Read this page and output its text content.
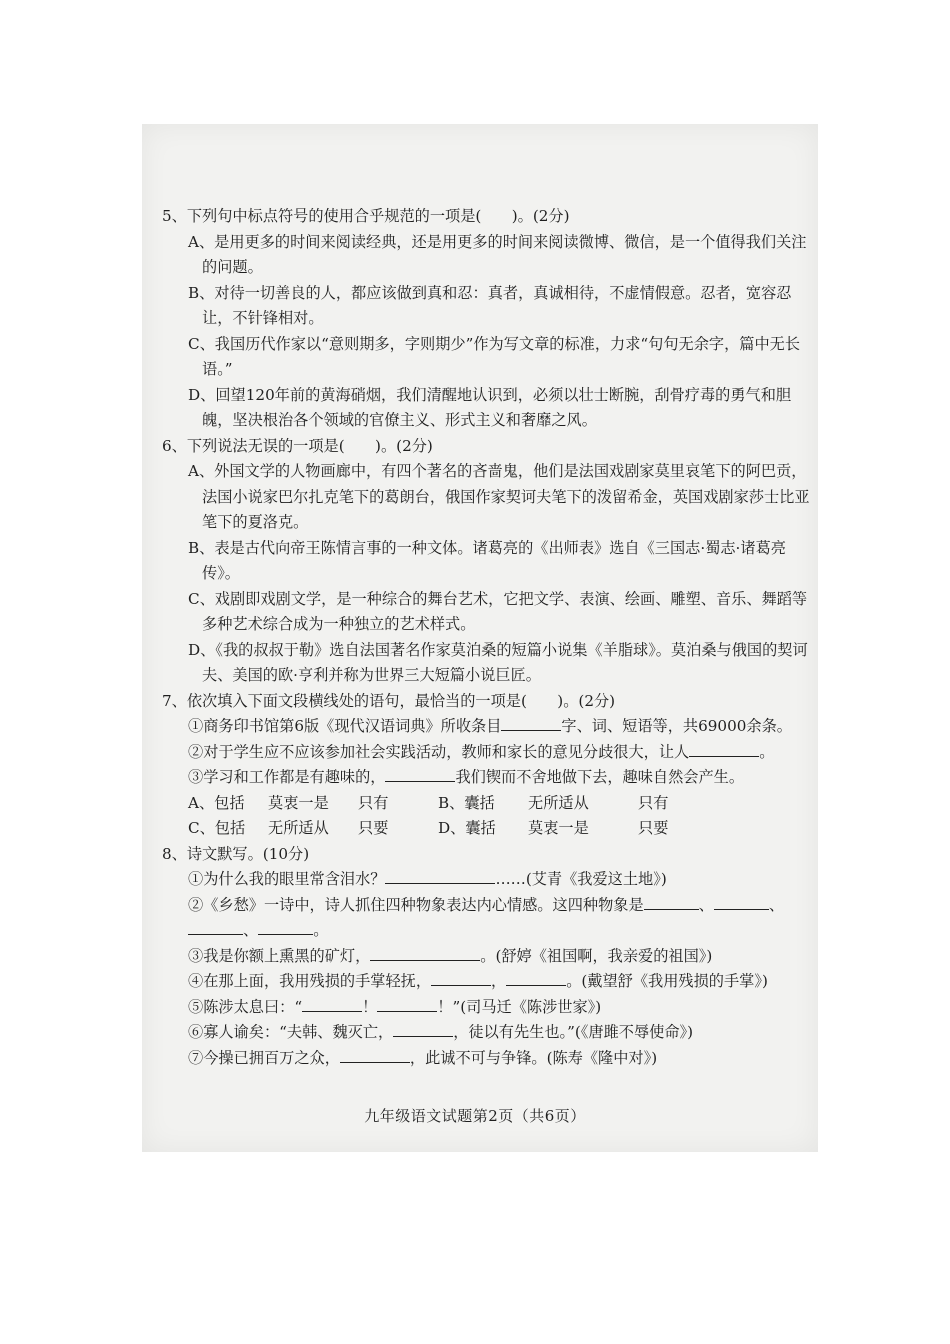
5、下列句中标点符号的使用合乎规范的一项是(　　)。(2分)
A、是用更多的时间来阅读经典，还是用更多的时间来阅读微博、微信，是一个值得我们关注的问题。
B、对待一切善良的人，都应该做到真和忍：真者，真诚相待，不虚情假意。忍者，宽容忍让，不针锋相对。
C、我国历代作家以“意则期多，字则期少”作为写文章的标准，力求“句句无余字，篇中无长语。”
D、回望120年前的黄海硝烟，我们清醒地认识到，必须以壮士断腕，刮骨疗毒的勇气和胆魄，坚决根治各个领域的官僚主义、形式主义和奢靡之风。
6、下列说法无误的一项是(　　)。(2分)
A、外国文学的人物画廊中，有四个著名的吝啬鬼，他们是法国戏剧家莫里哀笔下的阿巴贡，法国小说家巴尔扎克笔下的葛朗台，俄国作家契诃夫笔下的泼留希金，英国戏剧家莎士比亚笔下的夏洛克。
B、表是古代向帝王陈情言事的一种文体。诸葛亮的《出师表》选自《三国志·蜀志·诸葛亮传》。
C、戏剧即戏剧文学，是一种综合的舞台艺术，它把文学、表演、绘画、雕塑、音乐、舞蹈等多种艺术综合成为一种独立的艺术样式。
D、《我的叔叔于勒》选自法国著名作家莫泊桑的短篇小说集《羊脂球》。莫泊桑与俄国的契诃夫、美国的欧·亨利并称为世界三大短篇小说巨匠。
7、依次填入下面文段横线处的语句，最恰当的一项是(　　)。(2分)
①商务印书馆第6版《现代汉语词典》所收条目	字、词、短语等，共69000余条。
②对于学生应不应该参加社会实践活动，教师和家长的意见分歧很大，让人	。
③学习和工作都是有趣味的，	我们锲而不舍地做下去，趣味自然会产生。
A、包括	莫衷一是	只有	B、囊括	无所适从	只有
C、包括	无所适从	只要	D、囊括	莫衷一是	只要
8、诗文默写。(10分)
①为什么我的眼里常含泪水？	……(艾青《我爱这土地》)
②《乡愁》一诗中，诗人抓住四种物象表达内心情感。这四种物象是	、	、
、	。
③我是你额上熏黑的矿灯，	。(舒婷《祖国啊，我亲爱的祖国》)
④在那上面，我用残损的手掌轻抚，	，	。(戴望舒《我用残损的手掌》)
⑤陈涉太息曰：“	！	！”(司马迁《陈涉世家》)
⑥寡人谕矣：“夫韩、魏灭亡，	，徒以有先生也。”(《唐雎不辱使命》)
⑦今操已拥百万之众，	，此诚不可与争锋。(陈寿《隆中对》)
九年级语文试题第2页（共6页）
